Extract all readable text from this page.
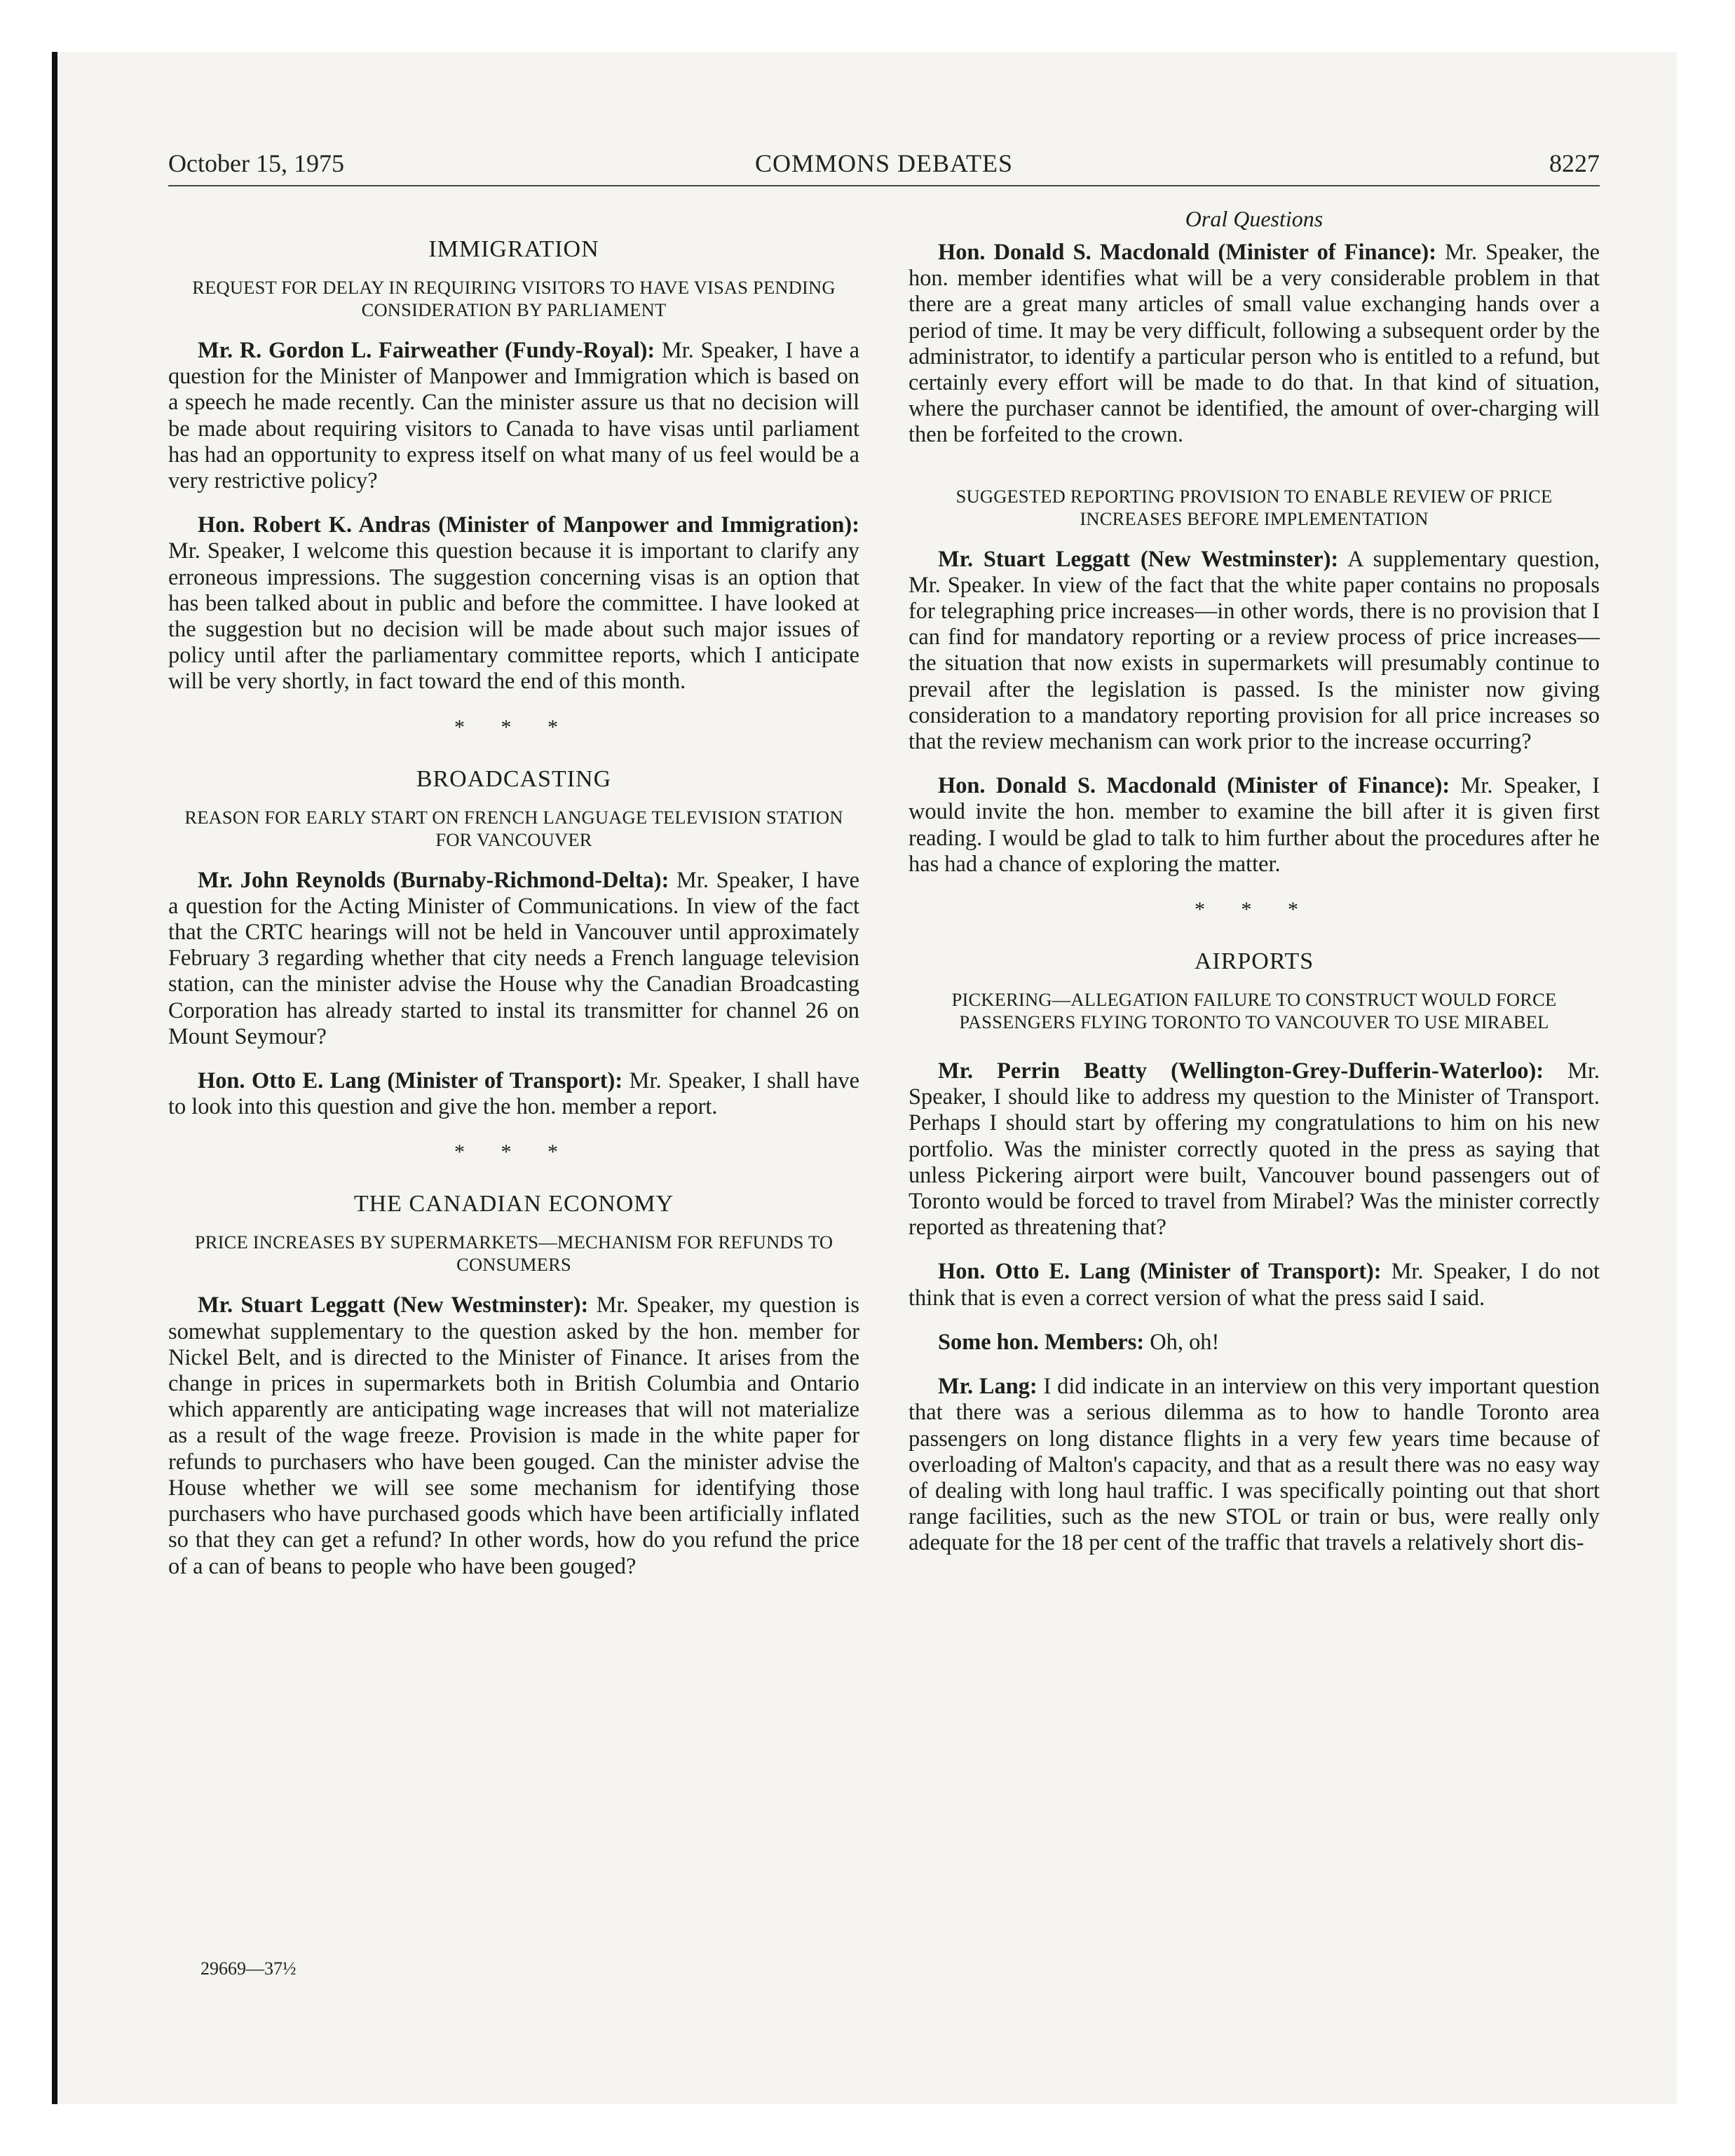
October 15, 1975	COMMONS DEBATES	8227
IMMIGRATION
REQUEST FOR DELAY IN REQUIRING VISITORS TO HAVE VISAS PENDING CONSIDERATION BY PARLIAMENT

Mr. R. Gordon L. Fairweather (Fundy-Royal): Mr. Speaker, I have a question for the Minister of Manpower and Immigration which is based on a speech he made recently. Can the minister assure us that no decision will be made about requiring visitors to Canada to have visas until parliament has had an opportunity to express itself on what many of us feel would be a very restrictive policy?

Hon. Robert K. Andras (Minister of Manpower and Immigration): Mr. Speaker, I welcome this question because it is important to clarify any erroneous impressions. The suggestion concerning visas is an option that has been talked about in public and before the committee. I have looked at the suggestion but no decision will be made about such major issues of policy until after the parliamentary committee reports, which I anticipate will be very shortly, in fact toward the end of this month.

* * *
BROADCASTING
REASON FOR EARLY START ON FRENCH LANGUAGE TELEVISION STATION FOR VANCOUVER

Mr. John Reynolds (Burnaby-Richmond-Delta): Mr. Speaker, I have a question for the Acting Minister of Communications. In view of the fact that the CRTC hearings will not be held in Vancouver until approximately February 3 regarding whether that city needs a French language television station, can the minister advise the House why the Canadian Broadcasting Corporation has already started to instal its transmitter for channel 26 on Mount Seymour?

Hon. Otto E. Lang (Minister of Transport): Mr. Speaker, I shall have to look into this question and give the hon. member a report.

* * *
THE CANADIAN ECONOMY
PRICE INCREASES BY SUPERMARKETS—MECHANISM FOR REFUNDS TO CONSUMERS

Mr. Stuart Leggatt (New Westminster): Mr. Speaker, my question is somewhat supplementary to the question asked by the hon. member for Nickel Belt, and is directed to the Minister of Finance. It arises from the change in prices in supermarkets both in British Columbia and Ontario which apparently are anticipating wage increases that will not materialize as a result of the wage freeze. Provision is made in the white paper for refunds to purchasers who have been gouged. Can the minister advise the House whether we will see some mechanism for identifying those purchasers who have purchased goods which have been artificially inflated so that they can get a refund? In other words, how do you refund the price of a can of beans to people who have been gouged?

Oral Questions

Hon. Donald S. Macdonald (Minister of Finance): Mr. Speaker, the hon. member identifies what will be a very considerable problem in that there are a great many articles of small value exchanging hands over a period of time. It may be very difficult, following a subsequent order by the administrator, to identify a particular person who is entitled to a refund, but certainly every effort will be made to do that. In that kind of situation, where the purchaser cannot be identified, the amount of over-charging will then be forfeited to the crown.

SUGGESTED REPORTING PROVISION TO ENABLE REVIEW OF PRICE INCREASES BEFORE IMPLEMENTATION

Mr. Stuart Leggatt (New Westminster): A supplementary question, Mr. Speaker. In view of the fact that the white paper contains no proposals for telegraphing price increases—in other words, there is no provision that I can find for mandatory reporting or a review process of price increases—the situation that now exists in supermarkets will presumably continue to prevail after the legislation is passed. Is the minister now giving consideration to a mandatory reporting provision for all price increases so that the review mechanism can work prior to the increase occurring?

Hon. Donald S. Macdonald (Minister of Finance): Mr. Speaker, I would invite the hon. member to examine the bill after it is given first reading. I would be glad to talk to him further about the procedures after he has had a chance of exploring the matter.

* * *
AIRPORTS
PICKERING—ALLEGATION FAILURE TO CONSTRUCT WOULD FORCE PASSENGERS FLYING TORONTO TO VANCOUVER TO USE MIRABEL

Mr. Perrin Beatty (Wellington-Grey-Dufferin-Waterloo): Mr. Speaker, I should like to address my question to the Minister of Transport. Perhaps I should start by offering my congratulations to him on his new portfolio. Was the minister correctly quoted in the press as saying that unless Pickering airport were built, Vancouver bound passengers out of Toronto would be forced to travel from Mirabel? Was the minister correctly reported as threatening that?

Hon. Otto E. Lang (Minister of Transport): Mr. Speaker, I do not think that is even a correct version of what the press said I said.

Some hon. Members: Oh, oh!

Mr. Lang: I did indicate in an interview on this very important question that there was a serious dilemma as to how to handle Toronto area passengers on long distance flights in a very few years time because of overloading of Malton's capacity, and that as a result there was no easy way of dealing with long haul traffic. I was specifically pointing out that short range facilities, such as the new STOL or train or bus, were really only adequate for the 18 per cent of the traffic that travels a relatively short dis-

29669—37½
